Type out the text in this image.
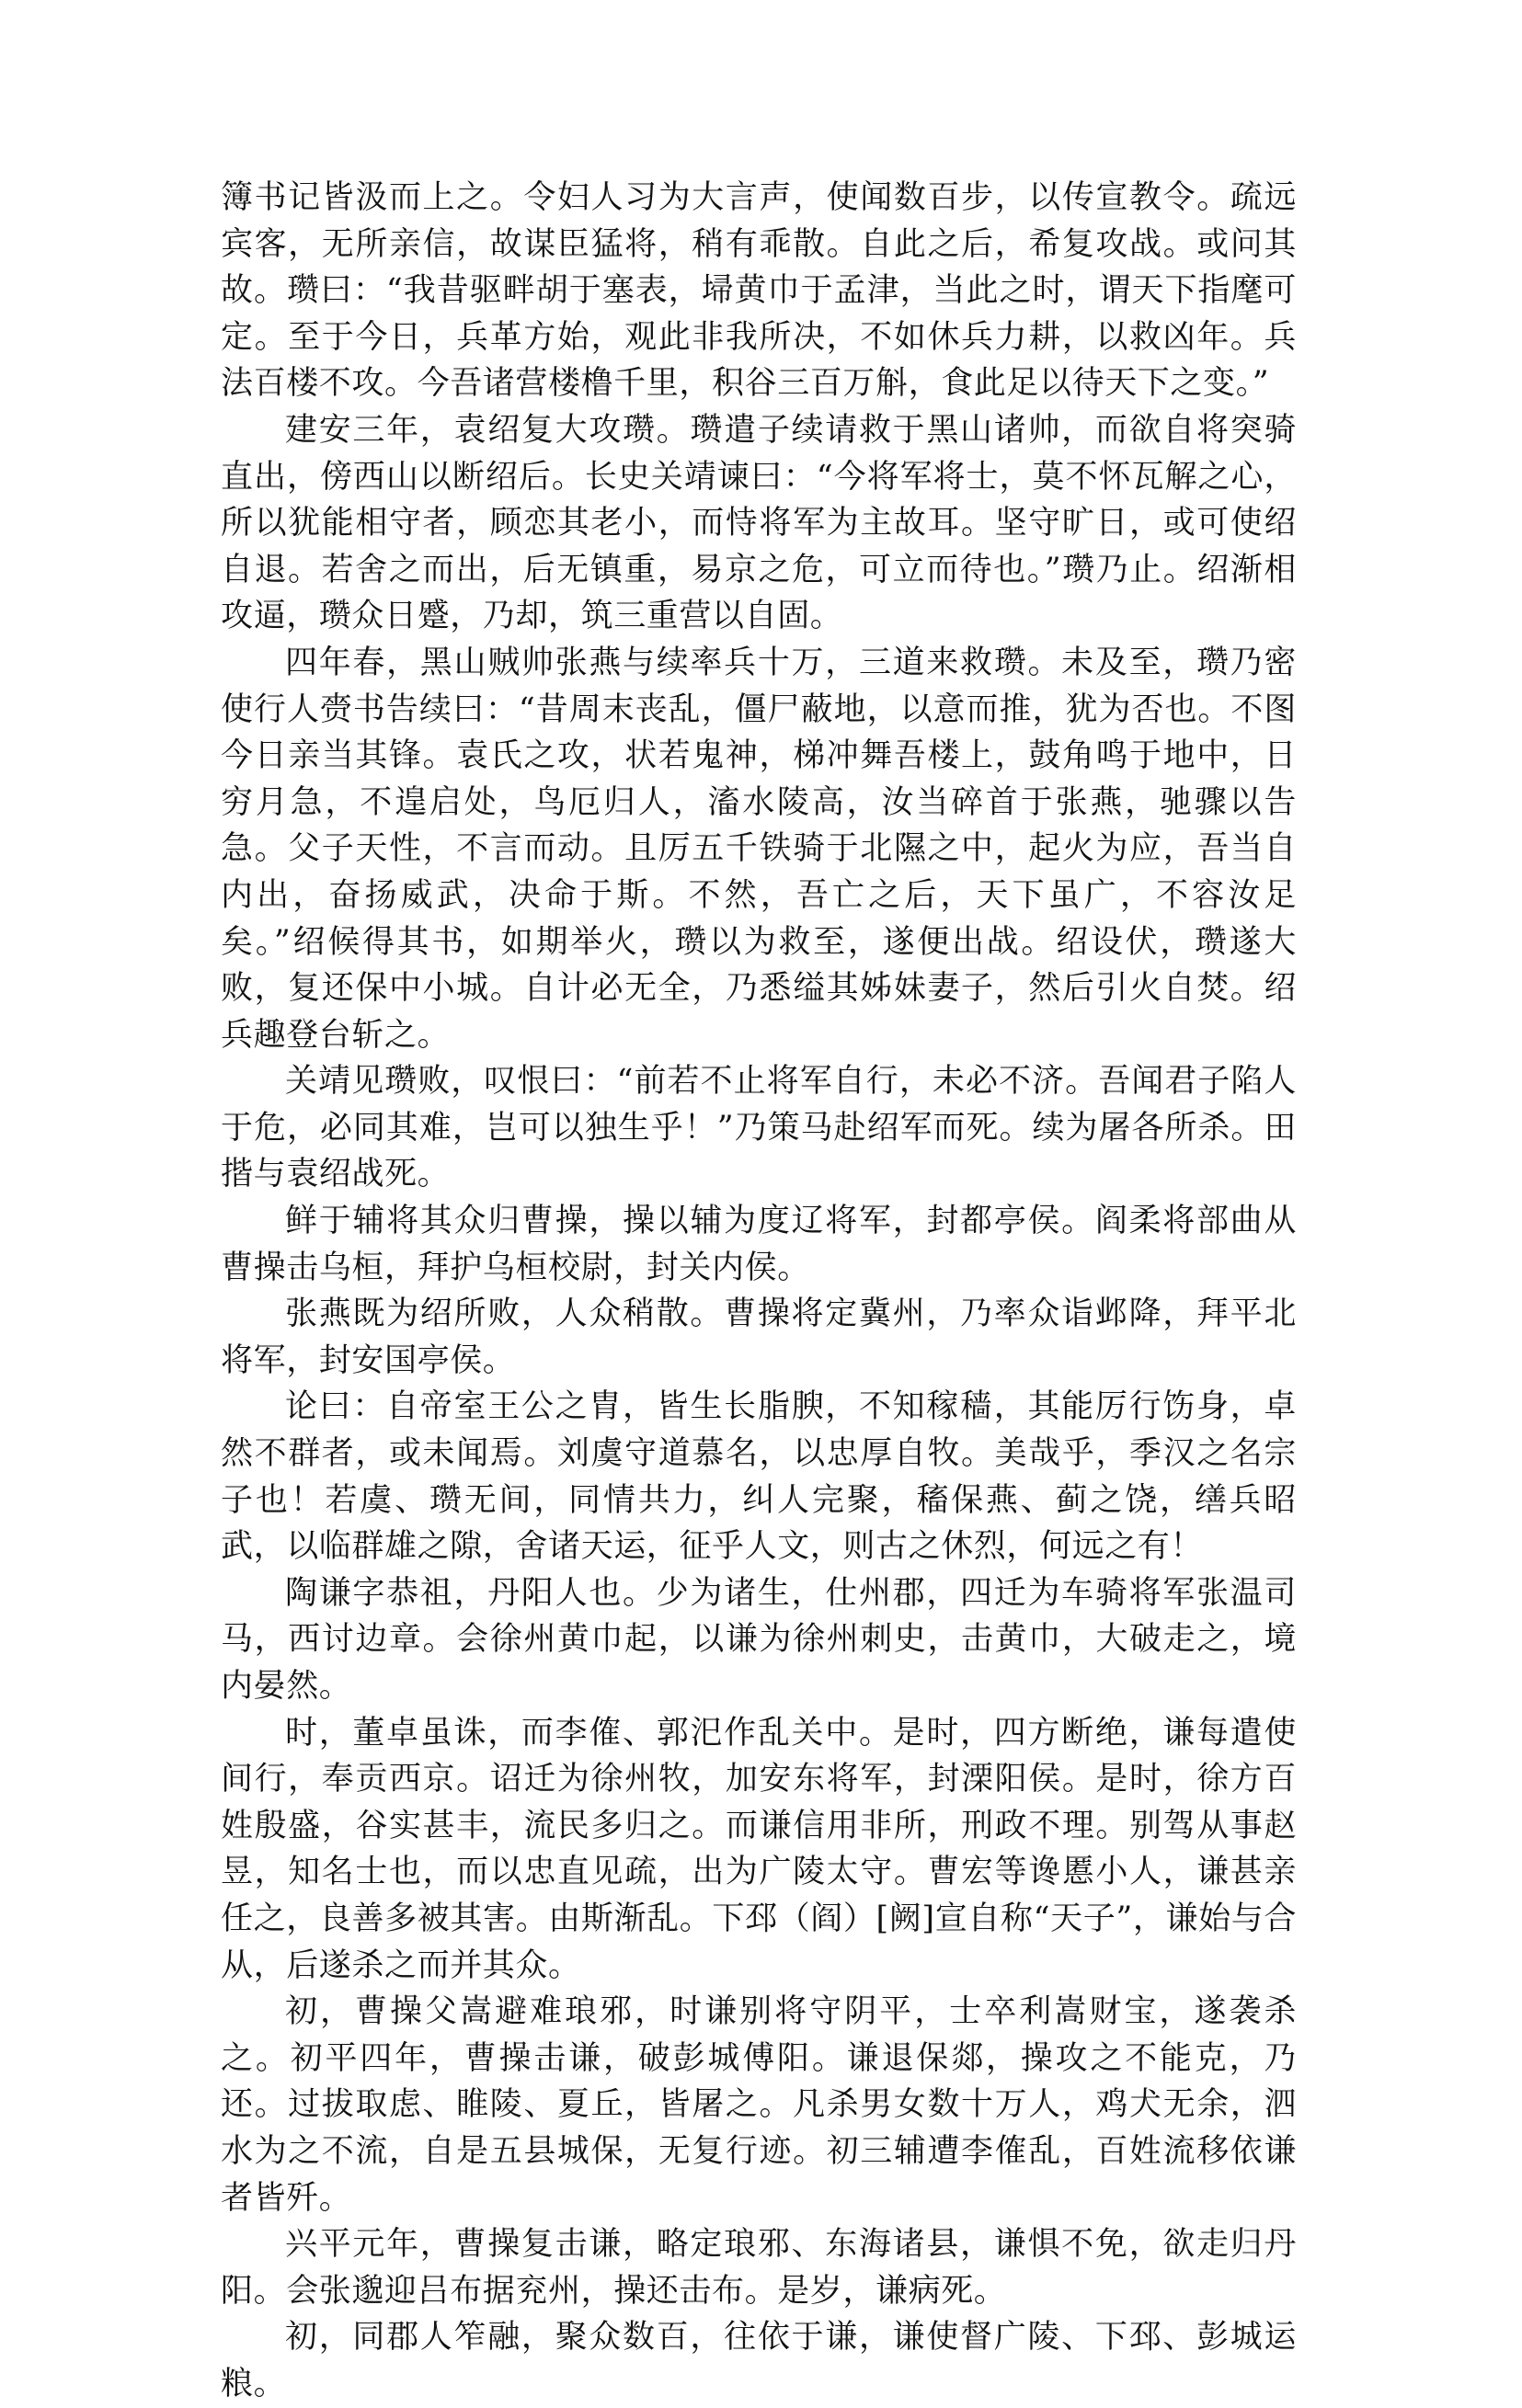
簿书记皆汲而上之。令妇人习为大言声，使闻数百步，以传宣教令。疏远宾客，无所亲信，故谋臣猛将，稍有乖散。自此之后，希复攻战。或问其故。瓒曰：“我昔驱畔胡于塞表，埽黄巾于孟津，当此之时，谓天下指麾可定。至于今日，兵革方始，观此非我所决，不如休兵力耕，以救凶年。兵法百楼不攻。今吾诸营楼橹千里，积谷三百万斛，食此足以待天下之变。”

建安三年，袁绍复大攻瓒。瓒遣子续请救于黑山诸帅，而欲自将突骑直出，傍西山以断绍后。长史关靖谏曰：“今将军将士，莫不怀瓦解之心，所以犹能相守者，顾恋其老小，而恃将军为主故耳。坚守旷日，或可使绍自退。若舍之而出，后无镇重，易京之危，可立而待也。”瓒乃止。绍渐相攻逼，瓒众日蹙，乃却，筑三重营以自固。

四年春，黑山贼帅张燕与续率兵十万，三道来救瓒。未及至，瓒乃密使行人赍书告续曰：“昔周末丧乱，僵尸蔽地，以意而推，犹为否也。不图今日亲当其锋。袁氏之攻，状若鬼神，梯冲舞吾楼上，鼓角鸣于地中，日穷月急，不遑启处，鸟厄归人，滀水陵高，汝当碎首于张燕，驰骤以告急。父子天性，不言而动。且厉五千铁骑于北隰之中，起火为应，吾当自内出，奋扬威武，决命于斯。不然，吾亡之后，天下虽广，不容汝足矣。”绍候得其书，如期举火，瓒以为救至，遂便出战。绍设伏，瓒遂大败，复还保中小城。自计必无全，乃悉缢其姊妹妻子，然后引火自焚。绍兵趣登台斩之。

关靖见瓒败，叹恨曰：“前若不止将军自行，未必不济。吾闻君子陷人于危，必同其难，岂可以独生乎！”乃策马赴绍军而死。续为屠各所杀。田揩与袁绍战死。

鲜于辅将其众归曹操，操以辅为度辽将军，封都亭侯。阎柔将部曲从曹操击乌桓，拜护乌桓校尉，封关内侯。

张燕既为绍所败，人众稍散。曹操将定冀州，乃率众诣邺降，拜平北将军，封安国亭侯。

论曰：自帝室王公之胄，皆生长脂腴，不知稼穑，其能厉行饬身，卓然不群者，或未闻焉。刘虞守道慕名，以忠厚自牧。美哉乎，季汉之名宗子也！若虞、瓒无间，同情共力，纠人完聚，稸保燕、蓟之饶，缮兵昭武，以临群雄之隙，舍诸天运，征乎人文，则古之休烈，何远之有！

陶谦字恭祖，丹阳人也。少为诸生，仕州郡，四迁为车骑将军张温司马，西讨边章。会徐州黄巾起，以谦为徐州刺史，击黄巾，大破走之，境内晏然。

时，董卓虽诛，而李傕、郭汜作乱关中。是时，四方断绝，谦每遣使间行，奉贡西京。诏迁为徐州牧，加安东将军，封溧阳侯。是时，徐方百姓殷盛，谷实甚丰，流民多归之。而谦信用非所，刑政不理。别驾从事赵昱，知名士也，而以忠直见疏，出为广陵太守。曹宏等谗慝小人，谦甚亲任之，良善多被其害。由斯渐乱。下邳（阎）[阙]宣自称“天子”，谦始与合从，后遂杀之而并其众。

初，曹操父嵩避难琅邪，时谦别将守阴平，士卒利嵩财宝，遂袭杀之。初平四年，曹操击谦，破彭城傅阳。谦退保郯，操攻之不能克，乃还。过拔取虑、睢陵、夏丘，皆屠之。凡杀男女数十万人，鸡犬无余，泗水为之不流，自是五县城保，无复行迹。初三辅遭李傕乱，百姓流移依谦者皆歼。

兴平元年，曹操复击谦，略定琅邪、东海诸县，谦惧不免，欲走归丹阳。会张邈迎吕布据兖州，操还击布。是岁，谦病死。

初，同郡人笮融，聚众数百，往依于谦，谦使督广陵、下邳、彭城运粮。
